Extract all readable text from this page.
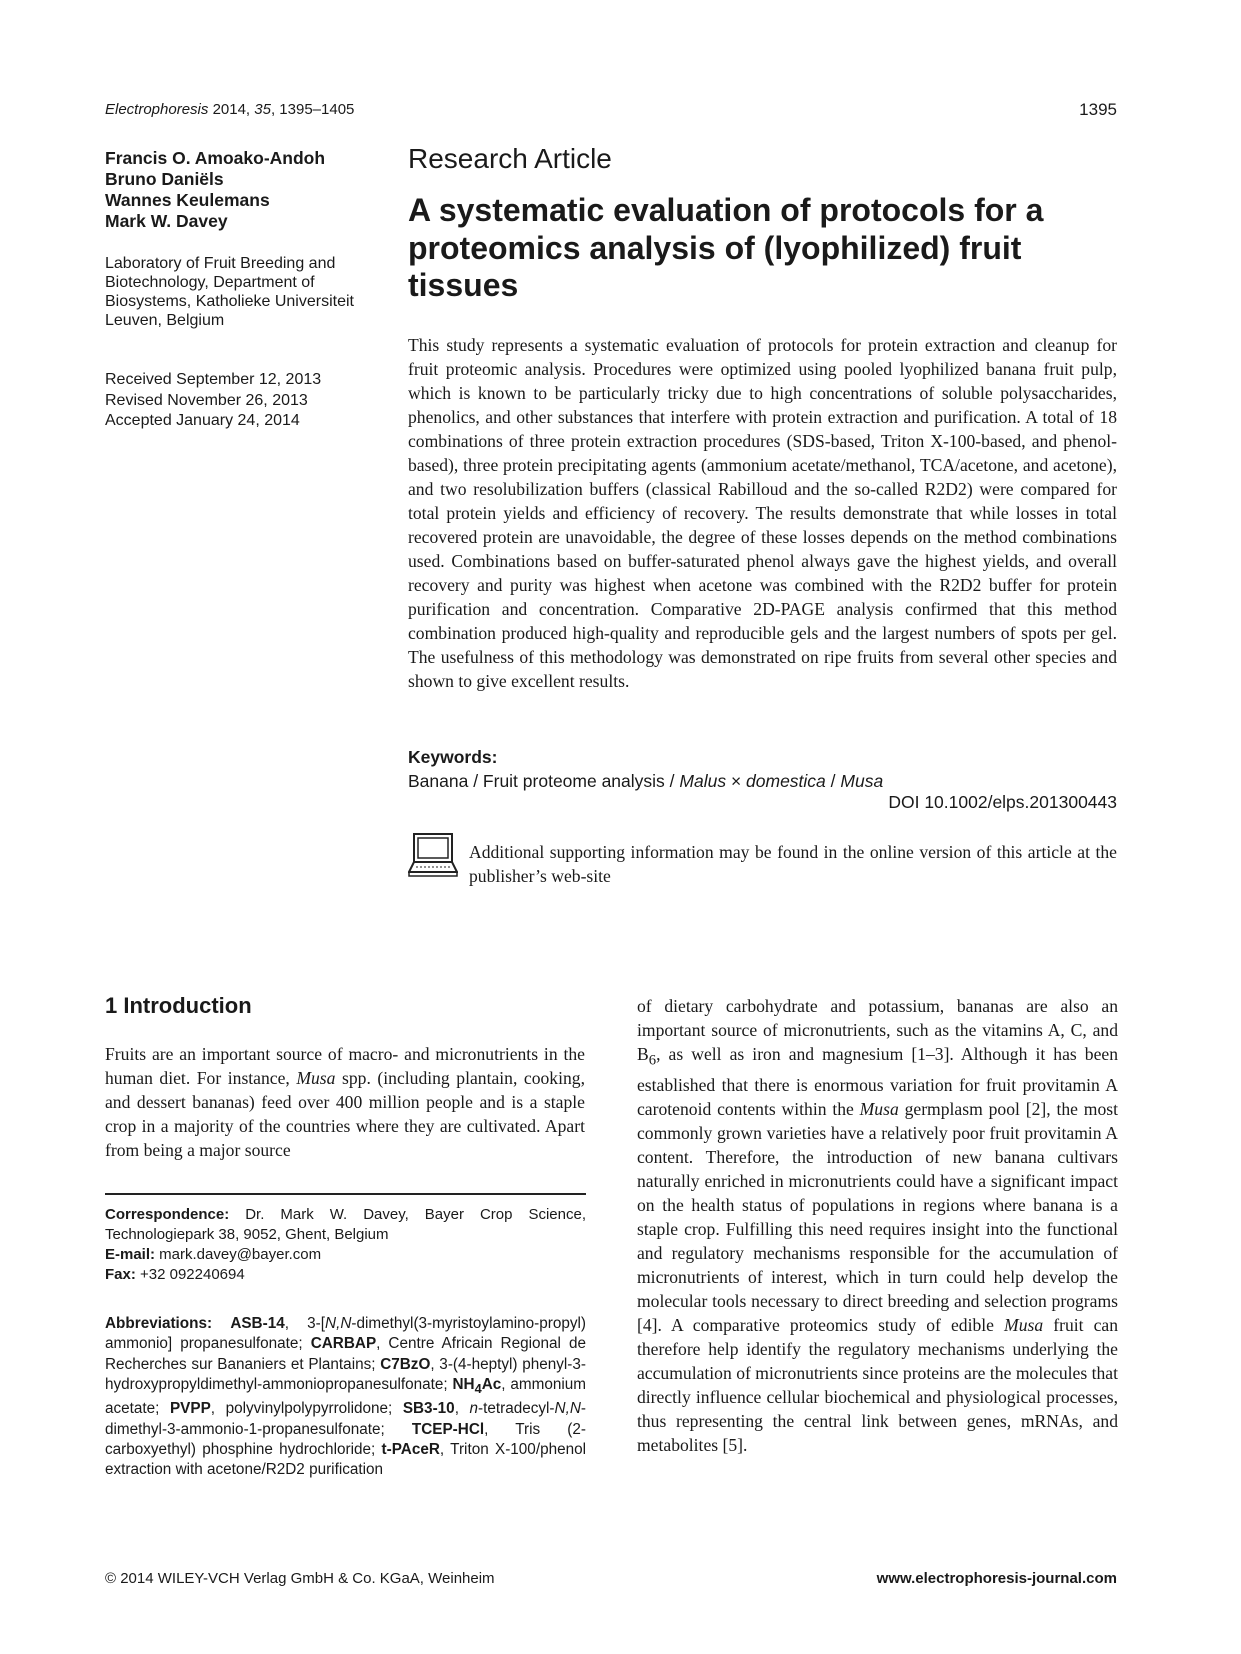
Electrophoresis 2014, 35, 1395–1405	1395
Francis O. Amoako-Andoh
Bruno Daniëls
Wannes Keulemans
Mark W. Davey
Laboratory of Fruit Breeding and Biotechnology, Department of Biosystems, Katholieke Universiteit Leuven, Belgium
Received September 12, 2013
Revised November 26, 2013
Accepted January 24, 2014
Research Article
A systematic evaluation of protocols for a proteomics analysis of (lyophilized) fruit tissues

This study represents a systematic evaluation of protocols for protein extraction and cleanup for fruit proteomic analysis. Procedures were optimized using pooled lyophilized banana fruit pulp, which is known to be particularly tricky due to high concentrations of soluble polysaccharides, phenolics, and other substances that interfere with protein extraction and purification. A total of 18 combinations of three protein extraction procedures (SDS-based, Triton X-100-based, and phenol-based), three protein precipitating agents (ammonium acetate/methanol, TCA/acetone, and acetone), and two resolubilization buffers (classical Rabilloud and the so-called R2D2) were compared for total protein yields and efficiency of recovery. The results demonstrate that while losses in total recovered protein are unavoidable, the degree of these losses depends on the method combinations used. Combinations based on buffer-saturated phenol always gave the highest yields, and overall recovery and purity was highest when acetone was combined with the R2D2 buffer for protein purification and concentration. Comparative 2D-PAGE analysis confirmed that this method combination produced high-quality and reproducible gels and the largest numbers of spots per gel. The usefulness of this methodology was demonstrated on ripe fruits from several other species and shown to give excellent results.

Keywords:
Banana / Fruit proteome analysis / Malus × domestica / Musa
DOI 10.1002/elps.201300443

Additional supporting information may be found in the online version of this article at the publisher’s web-site

1 Introduction

Fruits are an important source of macro- and micronutrients in the human diet. For instance, Musa spp. (including plantain, cooking, and dessert bananas) feed over 400 million people and is a staple crop in a majority of the countries where they are cultivated. Apart from being a major source

of dietary carbohydrate and potassium, bananas are also an important source of micronutrients, such as the vitamins A, C, and $B_6$, as well as iron and magnesium [1–3]. Although it has been established that there is enormous variation for fruit provitamin A carotenoid contents within the Musa germplasm pool [2], the most commonly grown varieties have a relatively poor fruit provitamin A content. Therefore, the introduction of new banana cultivars naturally enriched in micronutrients could have a significant impact on the health status of populations in regions where banana is a staple crop. Fulfilling this need requires insight into the functional and regulatory mechanisms responsible for the accumulation of micronutrients of interest, which in turn could help develop the molecular tools necessary to direct breeding and selection programs [4]. A comparative proteomics study of edible Musa fruit can therefore help identify the regulatory mechanisms underlying the accumulation of micronutrients since proteins are the molecules that directly influence cellular biochemical and physiological processes, thus representing the central link between genes, mRNAs, and metabolites [5].

Correspondence: Dr. Mark W. Davey, Bayer Crop Science, Technologiepark 38, 9052, Ghent, Belgium
E-mail: mark.davey@bayer.com
Fax: +32 092240694

Abbreviations: ASB-14, 3-[N,N-dimethyl(3-myristoylamino-propyl) ammonio] propanesulfonate; CARBAP, Centre Africain Regional de Recherches sur Bananiers et Plantains; C7BzO, 3-(4-heptyl) phenyl-3-hydroxypropyldimethyl-ammoniopropanesulfonate; $NH_4Ac$, ammonium acetate; PVPP, polyvinylpolypyrrolidone; SB3-10, n-tetradecyl-N,N-dimethyl-3-ammonio-1-propanesulfonate; TCEP-HCl, Tris (2-carboxyethyl) phosphine hydrochloride; t-PAceR, Triton X-100/phenol extraction with acetone/R2D2 purification

© 2014 WILEY-VCH Verlag GmbH & Co. KGaA, Weinheim	www.electrophoresis-journal.com
